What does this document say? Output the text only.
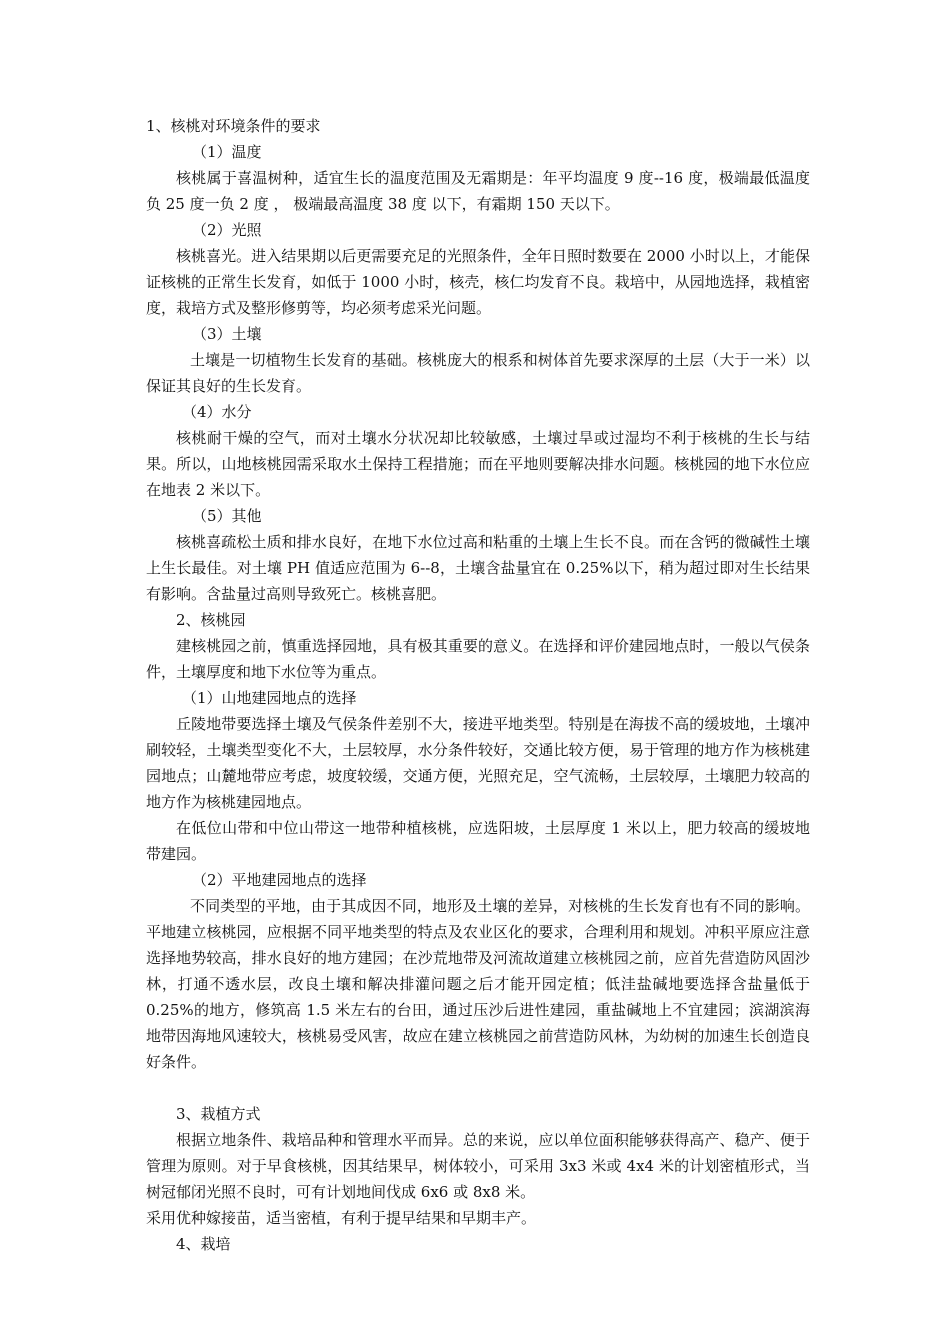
1、核桃对环境条件的要求

（1）温度

核桃属于喜温树种，适宜生长的温度范围及无霜期是：年平均温度 9 度--16 度，极端最低温度负 25 度一负 2 度 ， 极端最高温度 38 度 以下，有霜期 150 天以下。

（2）光照

核桃喜光。进入结果期以后更需要充足的光照条件，全年日照时数要在 2000 小时以上，才能保证核桃的正常生长发育，如低于 1000 小时，核壳，核仁均发育不良。栽培中，从园地选择，栽植密度，栽培方式及整形修剪等，均必须考虑采光问题。

（3）土壤

土壤是一切植物生长发育的基础。核桃庞大的根系和树体首先要求深厚的土层（大于一米）以保证其良好的生长发育。

（4）水分

核桃耐干燥的空气，而对土壤水分状况却比较敏感，土壤过旱或过湿均不利于核桃的生长与结果。所以，山地核桃园需采取水土保持工程措施；而在平地则要解决排水问题。核桃园的地下水位应在地表 2 米以下。

（5）其他

核桃喜疏松土质和排水良好，在地下水位过高和粘重的土壤上生长不良。而在含钙的微碱性土壤上生长最佳。对土壤 PH 值适应范围为 6--8，土壤含盐量宜在 0.25%以下，稍为超过即对生长结果有影响。含盐量过高则导致死亡。核桃喜肥。

2、核桃园

建核桃园之前，慎重选择园地，具有极其重要的意义。在选择和评价建园地点时，一般以气侯条件，土壤厚度和地下水位等为重点。

（1）山地建园地点的选择

丘陵地带要选择土壤及气侯条件差别不大，接进平地类型。特别是在海拔不高的缓坡地，土壤冲刷较轻，土壤类型变化不大，土层较厚，水分条件较好，交通比较方便，易于管理的地方作为核桃建园地点；山麓地带应考虑，坡度较缓，交通方便，光照充足，空气流畅，土层较厚，土壤肥力较高的地方作为核桃建园地点。

在低位山带和中位山带这一地带种植核桃，应选阳坡，土层厚度 1 米以上，肥力较高的缓坡地带建园。

（2）平地建园地点的选择

不同类型的平地，由于其成因不同，地形及土壤的差异，对核桃的生长发育也有不同的影响。平地建立核桃园，应根据不同平地类型的特点及农业区化的要求，合理利用和规划。冲积平原应注意选择地势较高，排水良好的地方建园；在沙荒地带及河流故道建立核桃园之前，应首先营造防风固沙林，打通不透水层，改良土壤和解决排灌问题之后才能开园定植；低洼盐碱地要选择含盐量低于 0.25%的地方，修筑高 1.5 米左右的台田，通过压沙后进性建园，重盐碱地上不宜建园；滨湖滨海地带因海地风速较大，核桃易受风害，故应在建立核桃园之前营造防风林，为幼树的加速生长创造良好条件。

3、栽植方式

根据立地条件、栽培品种和管理水平而异。总的来说，应以单位面积能够获得高产、稳产、便于管理为原则。对于早食核桃，因其结果早，树体较小，可采用 3x3 米或 4x4 米的计划密植形式，当树冠郁闭光照不良时，可有计划地间伐成 6x6 或 8x8 米。

采用优种嫁接苗，适当密植，有利于提早结果和早期丰产。

4、栽培
